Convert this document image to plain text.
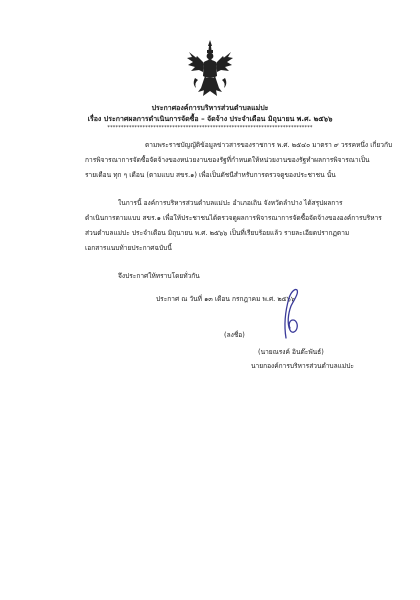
ประกาศองค์การบริหารส่วนตำบลแม่ปะ
เรื่อง ประกาศผลการดำเนินการจัดซื้อ – จัดจ้าง ประจำเดือน มิถุนายน พ.ศ. ๒๕๖๖
****************************************************************************
ตามพระราชบัญญัติข้อมูลข่าวสารของราชการ พ.ศ. ๒๕๔๐ มาตรา ๙ วรรคหนึ่ง เกี่ยวกับ
การพิจารณาการจัดซื้อจัดจ้างของหน่วยงานของรัฐที่กำหนดให้หน่วยงานของรัฐทำผลการพิจารณาเป็น
รายเดือน ทุก ๆ เดือน (ตามแบบ สขร.๑) เพื่อเป็นดัชนีสำหรับการตรวจดูของประชาชน นั้น
ในการนี้ องค์การบริหารส่วนตำบลแม่ปะ อำเภอเถิน จังหวัดลำปาง ได้สรุปผลการ
ดำเนินการตามแบบ สขร.๑ เพื่อให้ประชาชนได้ตรวจดูผลการพิจารณาการจัดซื้อจัดจ้างขององค์การบริหาร
ส่วนตำบลแม่ปะ ประจำเดือน มิถุนายน พ.ศ. ๒๕๖๖ เป็นที่เรียบร้อยแล้ว รายละเอียดปรากฏตาม
เอกสารแนบท้ายประกาศฉบับนี้
จึงประกาศให้ทราบโดยทั่วกัน
ประกาศ ณ วันที่ ๑๓ เดือน กรกฎาคม พ.ศ. ๒๕๖๖
(ลงชื่อ)
(นายณรงค์ อินต๊ะพันธ์)
นายกองค์การบริหารส่วนตำบลแม่ปะ
